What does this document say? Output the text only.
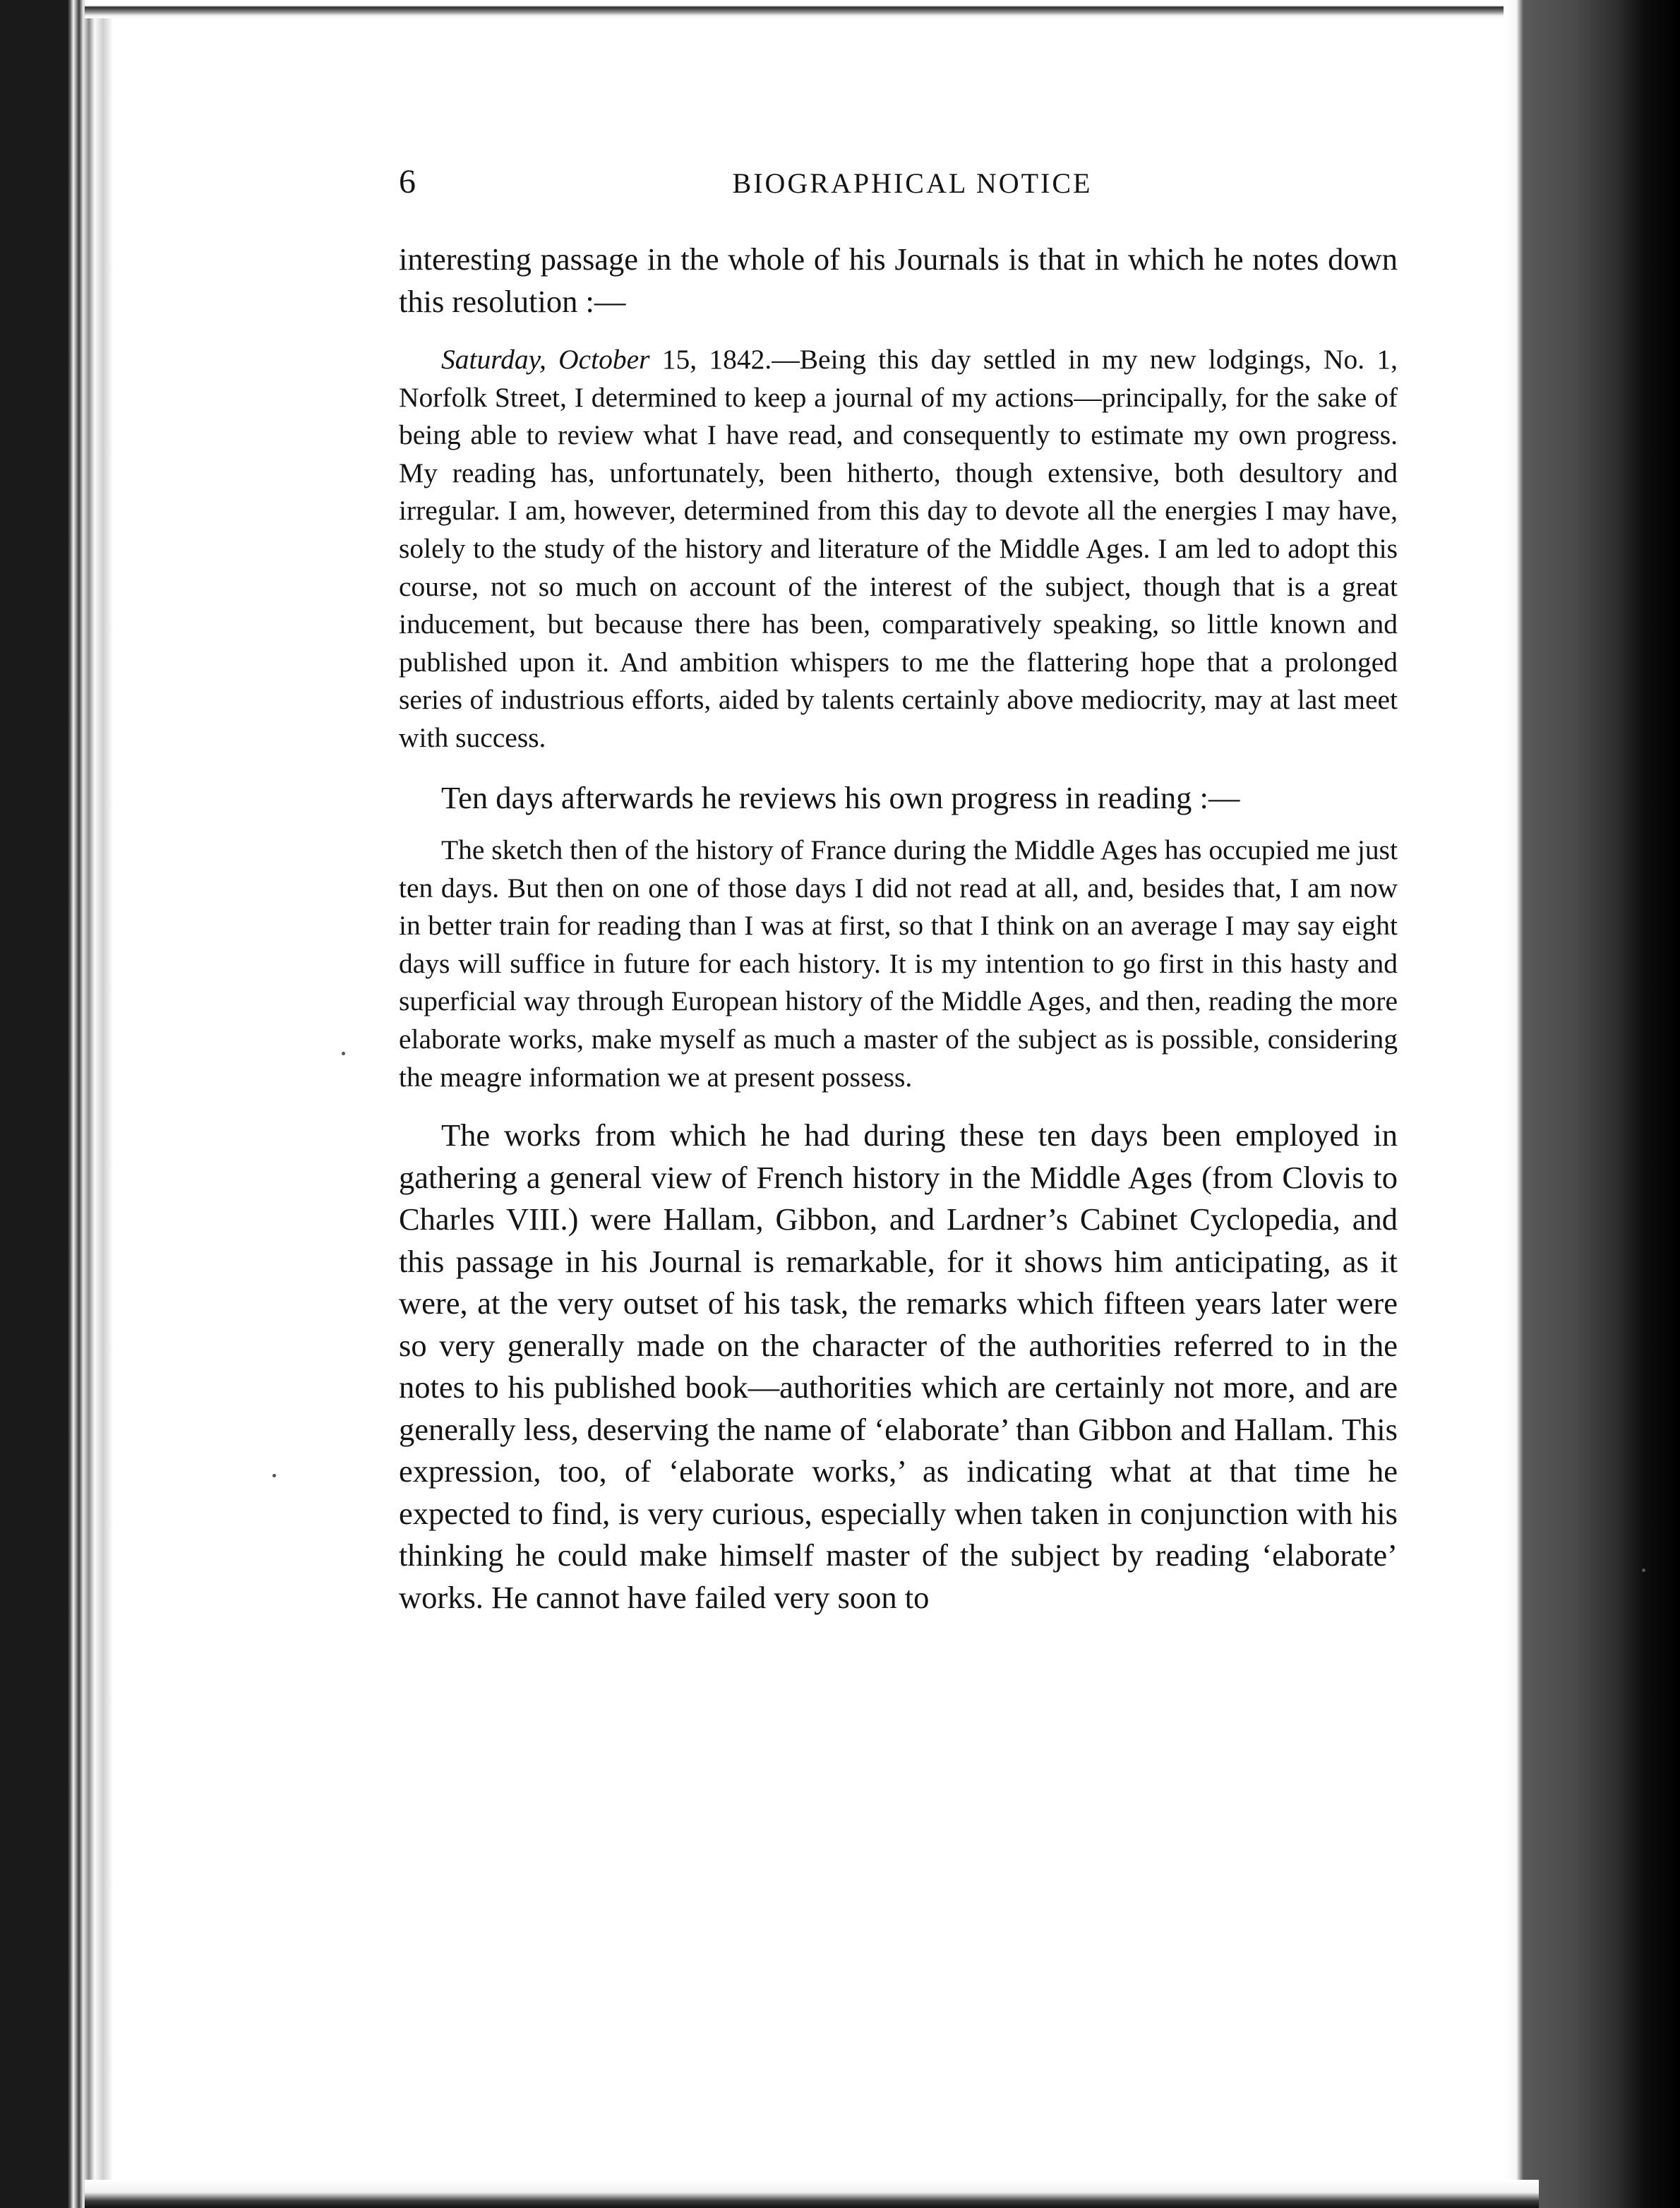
6	BIOGRAPHICAL NOTICE

interesting passage in the whole of his Journals is that in which he notes down this resolution :—

Saturday, October 15, 1842.—Being this day settled in my new lodgings, No. 1, Norfolk Street, I determined to keep a journal of my actions—principally, for the sake of being able to review what I have read, and consequently to estimate my own progress. My reading has, unfortunately, been hitherto, though extensive, both desultory and irregular. I am, however, determined from this day to devote all the energies I may have, solely to the study of the history and literature of the Middle Ages. I am led to adopt this course, not so much on account of the interest of the subject, though that is a great inducement, but because there has been, comparatively speaking, so little known and published upon it. And ambition whispers to me the flattering hope that a prolonged series of industrious efforts, aided by talents certainly above mediocrity, may at last meet with success.

Ten days afterwards he reviews his own progress in reading :—

The sketch then of the history of France during the Middle Ages has occupied me just ten days. But then on one of those days I did not read at all, and, besides that, I am now in better train for reading than I was at first, so that I think on an average I may say eight days will suffice in future for each history. It is my intention to go first in this hasty and superficial way through European history of the Middle Ages, and then, reading the more elaborate works, make myself as much a master of the subject as is possible, considering the meagre information we at present possess.

The works from which he had during these ten days been employed in gathering a general view of French history in the Middle Ages (from Clovis to Charles VIII.) were Hallam, Gibbon, and Lardner’s Cabinet Cyclopedia, and this passage in his Journal is remarkable, for it shows him anticipating, as it were, at the very outset of his task, the remarks which fifteen years later were so very generally made on the character of the authorities referred to in the notes to his published book—authorities which are certainly not more, and are generally less, deserving the name of ‘elaborate’ than Gibbon and Hallam. This expression, too, of ‘elaborate works,’ as indicating what at that time he expected to find, is very curious, especially when taken in conjunction with his thinking he could make himself master of the subject by reading ‘elaborate’ works. He cannot have failed very soon to
